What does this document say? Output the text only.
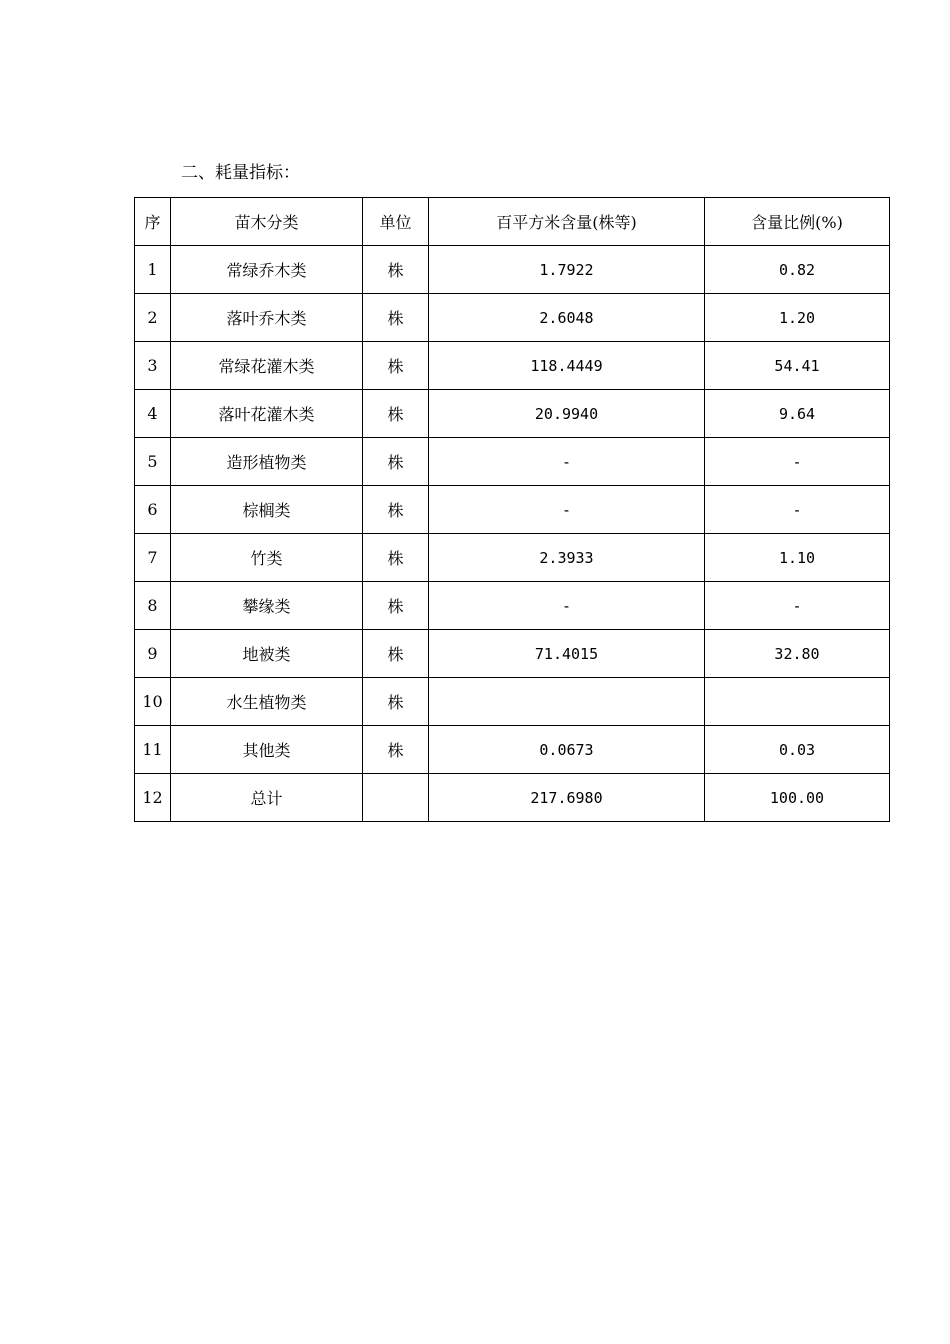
二、耗量指标：
序	苗木分类	单位	百平方米含量(株等)	含量比例(%)
1	常绿乔木类	株	1.7922	0.82
2	落叶乔木类	株	2.6048	1.20
3	常绿花灌木类	株	118.4449	54.41
4	落叶花灌木类	株	20.9940	9.64
5	造形植物类	株	-	-
6	棕榈类	株	-	-
7	竹类	株	2.3933	1.10
8	攀缘类	株	-	-
9	地被类	株	71.4015	32.80
10	水生植物类	株		
11	其他类	株	0.0673	0.03
12	总计		217.6980	100.00
